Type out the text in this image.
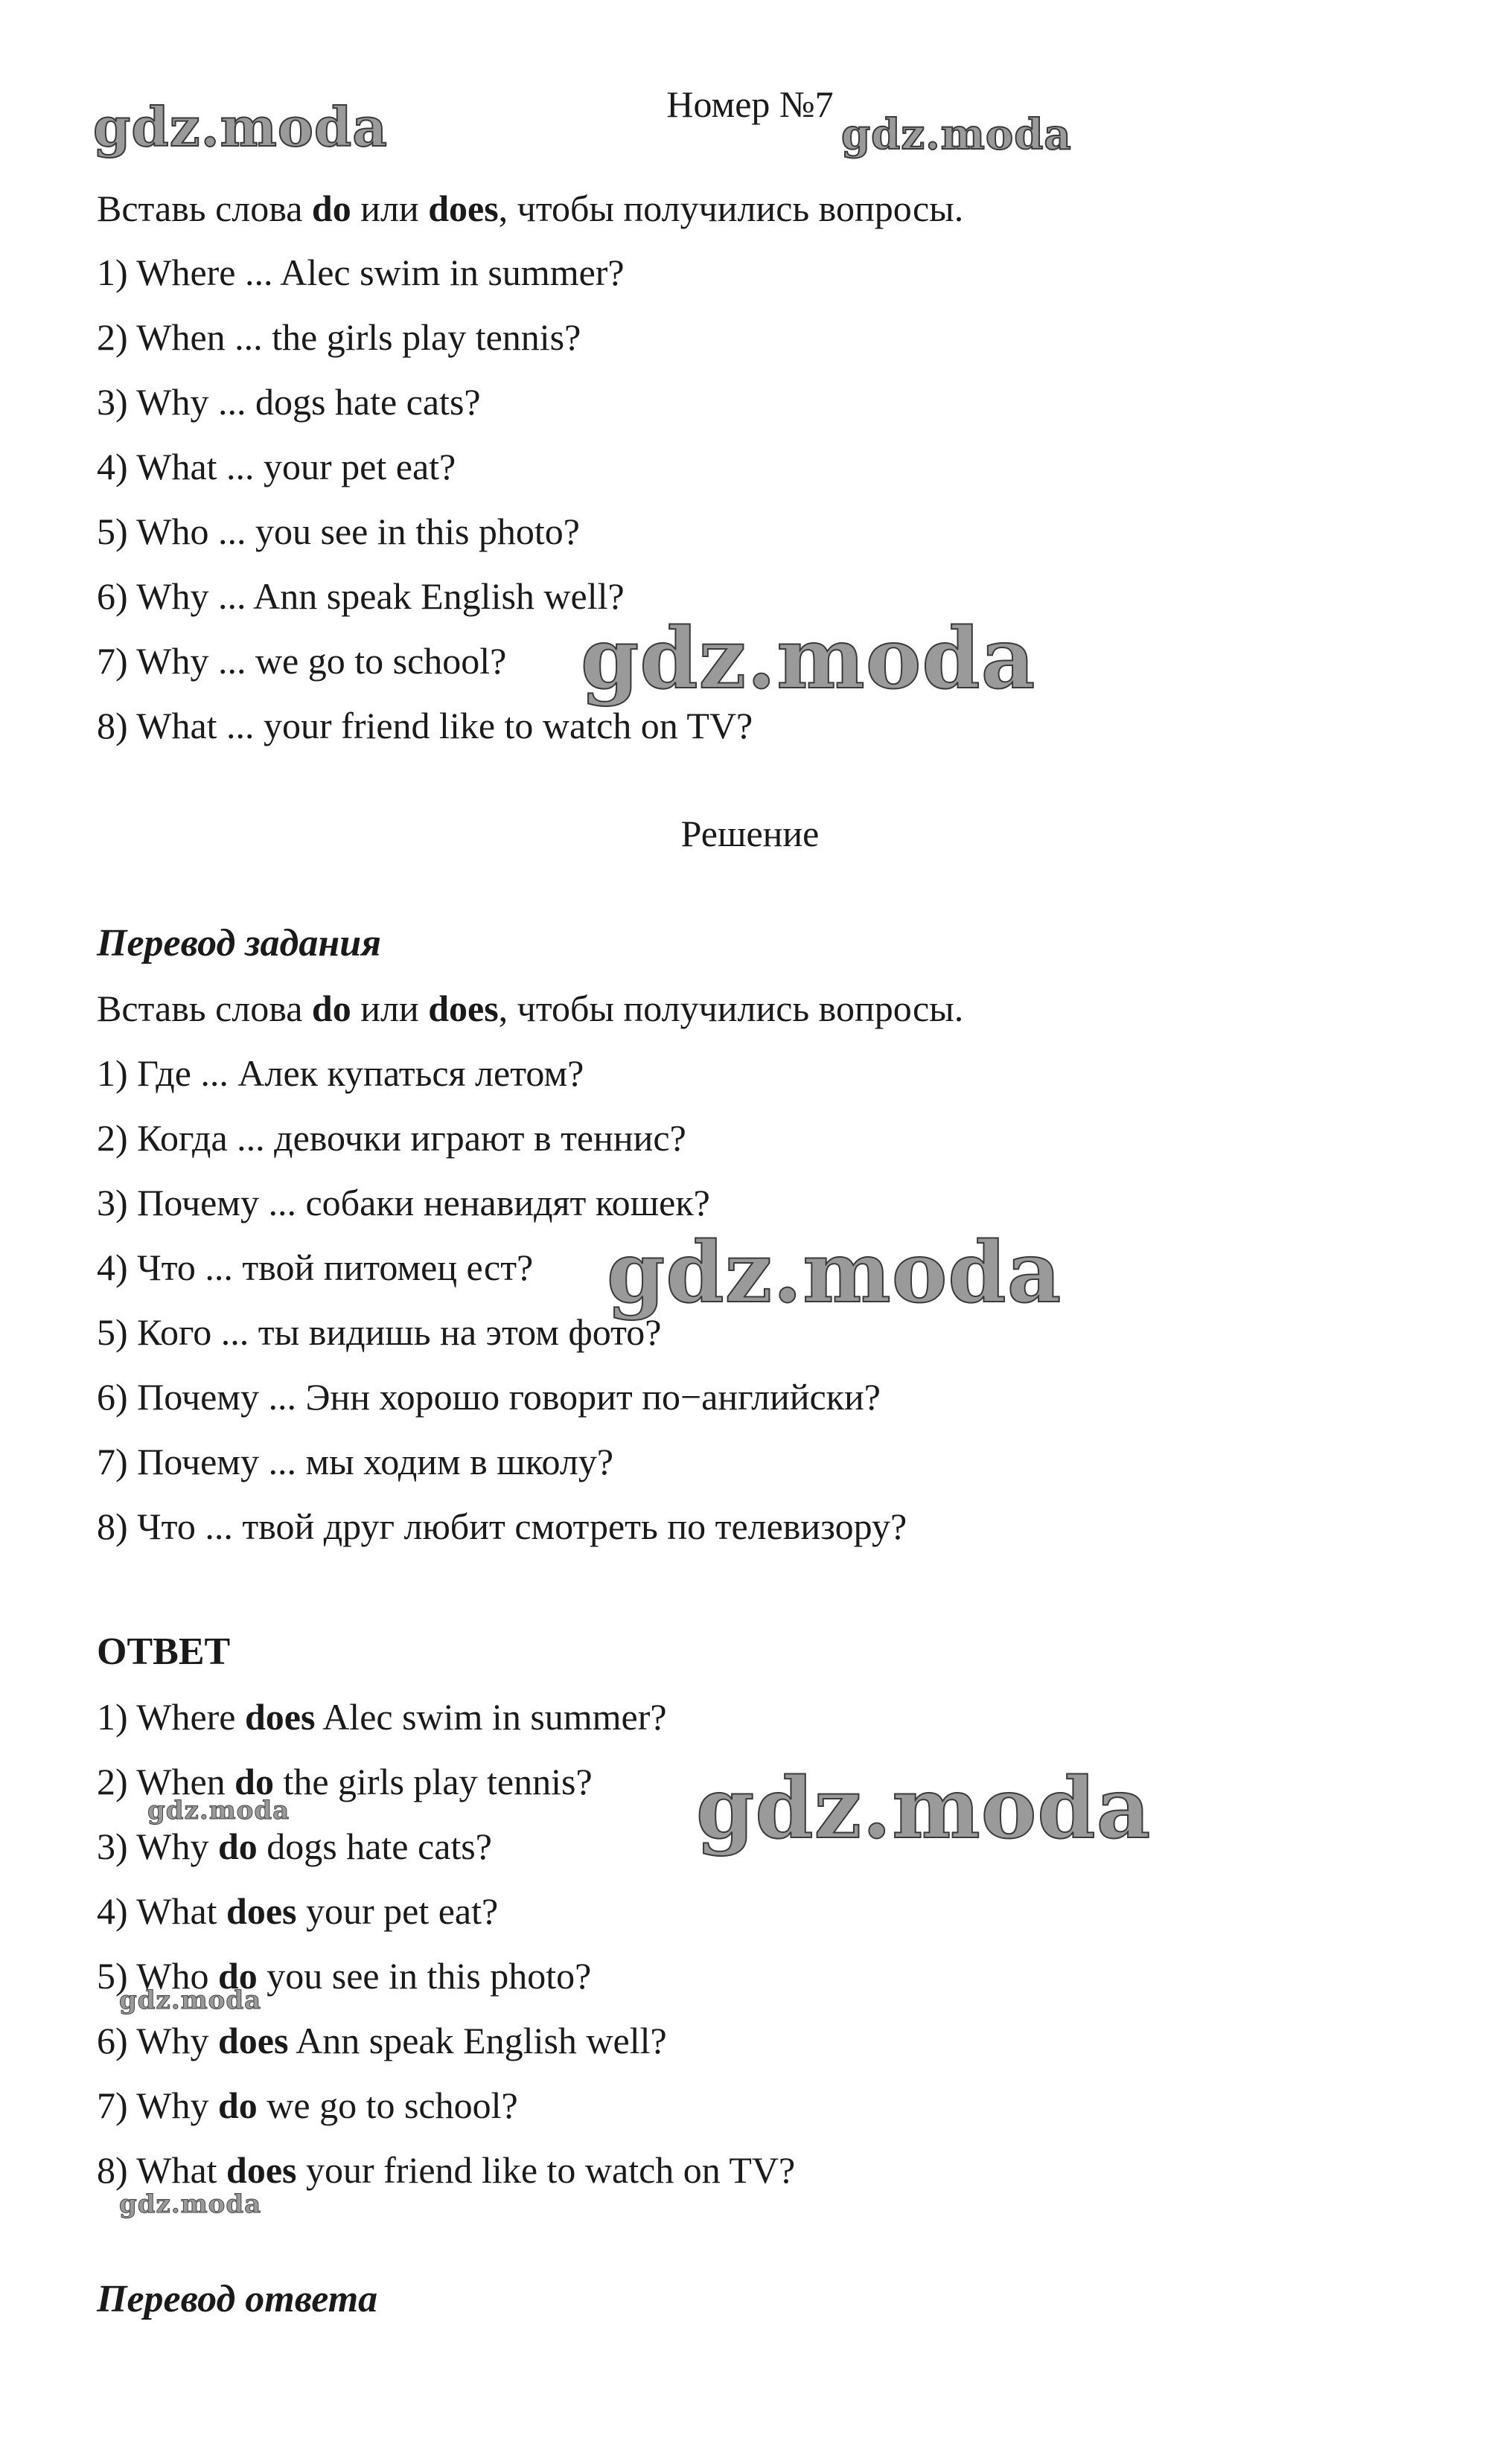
Номер №7
gdz.moda	gdz.moda
gdz.moda
gdz.moda
gdz.moda
gdz.moda
gdz.moda
gdz.moda
Вставь слова do или does, чтобы получились вопросы.
1) Where ... Alec swim in summer?
2) When ... the girls play tennis?
3) Why ... dogs hate cats?
4) What ... your pet eat?
5) Who ... you see in this photo?
6) Why ... Ann speak English well?
7) Why ... we go to school?
8) What ... your friend like to watch on TV?
Решение
Перевод задания
Вставь слова do или does, чтобы получились вопросы.
1) Где ... Алек купаться летом?
2) Когда ... девочки играют в теннис?
3) Почему ... собаки ненавидят кошек?
4) Что ... твой питомец ест?
5) Кого ... ты видишь на этом фото?
6) Почему ... Энн хорошо говорит по−английски?
7) Почему ... мы ходим в школу?
8) Что ... твой друг любит смотреть по телевизору?
ОТВЕТ
1) Where does Alec swim in summer?
2) When do the girls play tennis?
3) Why do dogs hate cats?
4) What does your pet eat?
5) Who do you see in this photo?
6) Why does Ann speak English well?
7) Why do we go to school?
8) What does your friend like to watch on TV?
Перевод ответа
